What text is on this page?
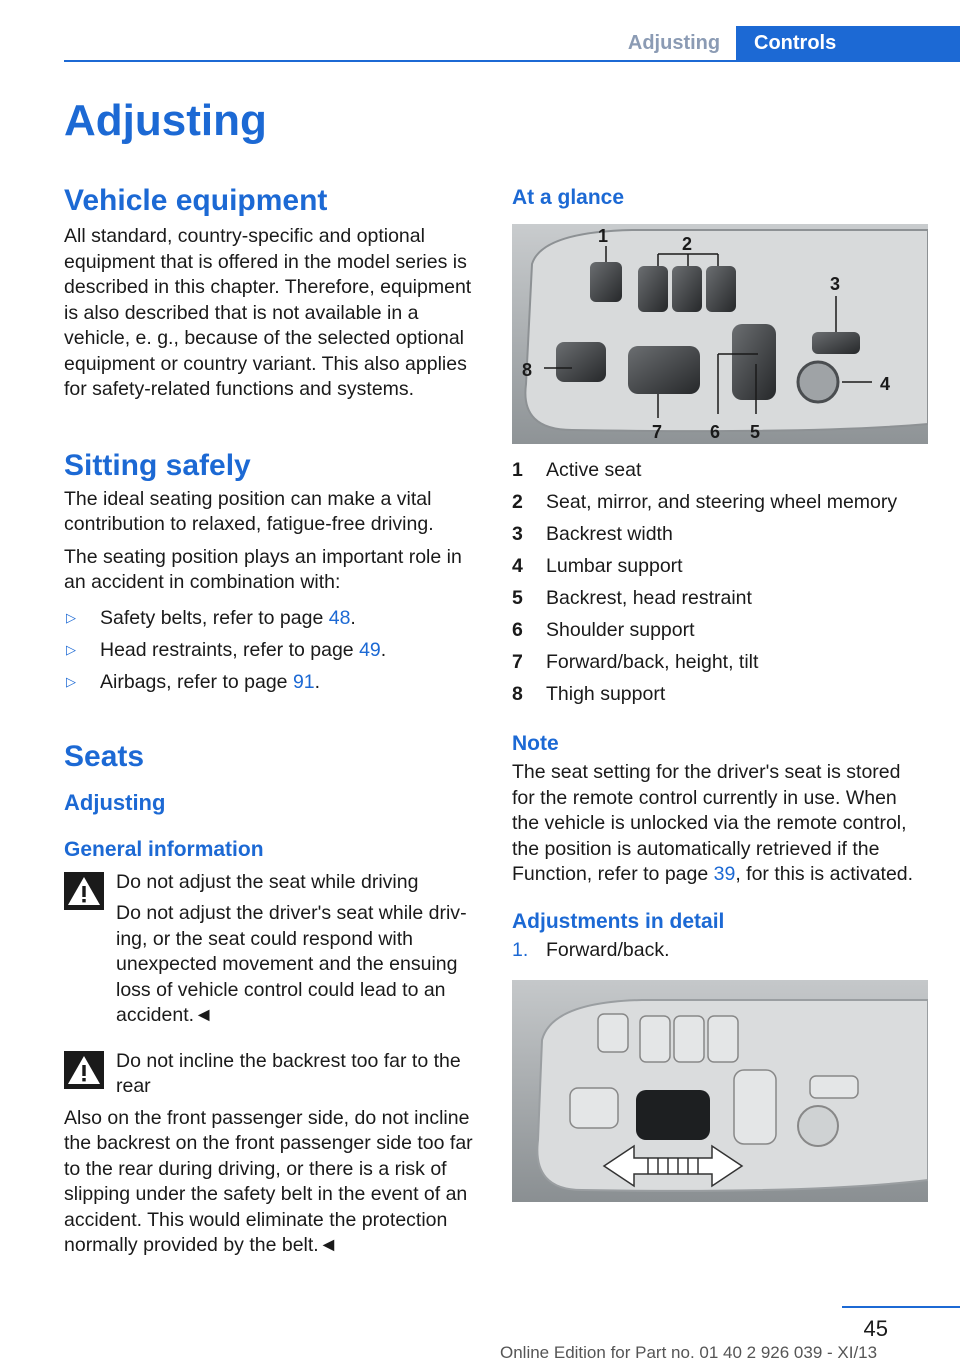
Adjusting	Controls
Adjusting
Vehicle equipment

All standard, country-specific and optional equipment that is offered in the model series is described in this chapter. Therefore, equipment is also described that is not available in a vehicle, e. g., because of the selected optional equipment or country variant. This also applies for safety-related functions and systems.

Sitting safely

The ideal seating position can make a vital contribution to relaxed, fatigue-free driving.

The seating position plays an important role in an accident in combination with:

▷	Safety belts, refer to page 48.
▷	Head restraints, refer to page 49.
▷	Airbags, refer to page 91.
Seats
Adjusting
General information

Do not adjust the seat while driving

Do not adjust the driver's seat while driving, or the seat could respond with unexpected movement and the ensuing loss of vehicle control could lead to an accident.◄

Do not incline the backrest too far to the rear

Also on the front passenger side, do not incline the backrest on the front passenger side too far to the rear during driving, or there is a risk of slipping under the safety belt in the event of an accident. This would eliminate the protection normally provided by the belt.◄

At a glance
1	2
3
4
5
6
7
8
1	Active seat
2	Seat, mirror, and steering wheel memory
3	Backrest width
4	Lumbar support
5	Backrest, head restraint
6	Shoulder support
7	Forward/back, height, tilt
8	Thigh support
Note

The seat setting for the driver's seat is stored for the remote control currently in use. When the vehicle is unlocked via the remote control, the position is automatically retrieved if the Function, refer to page 39, for this is activated.

Adjustments in detail
1. Forward/back.
45
Online Edition for Part no. 01 40 2 926 039 - XI/13
